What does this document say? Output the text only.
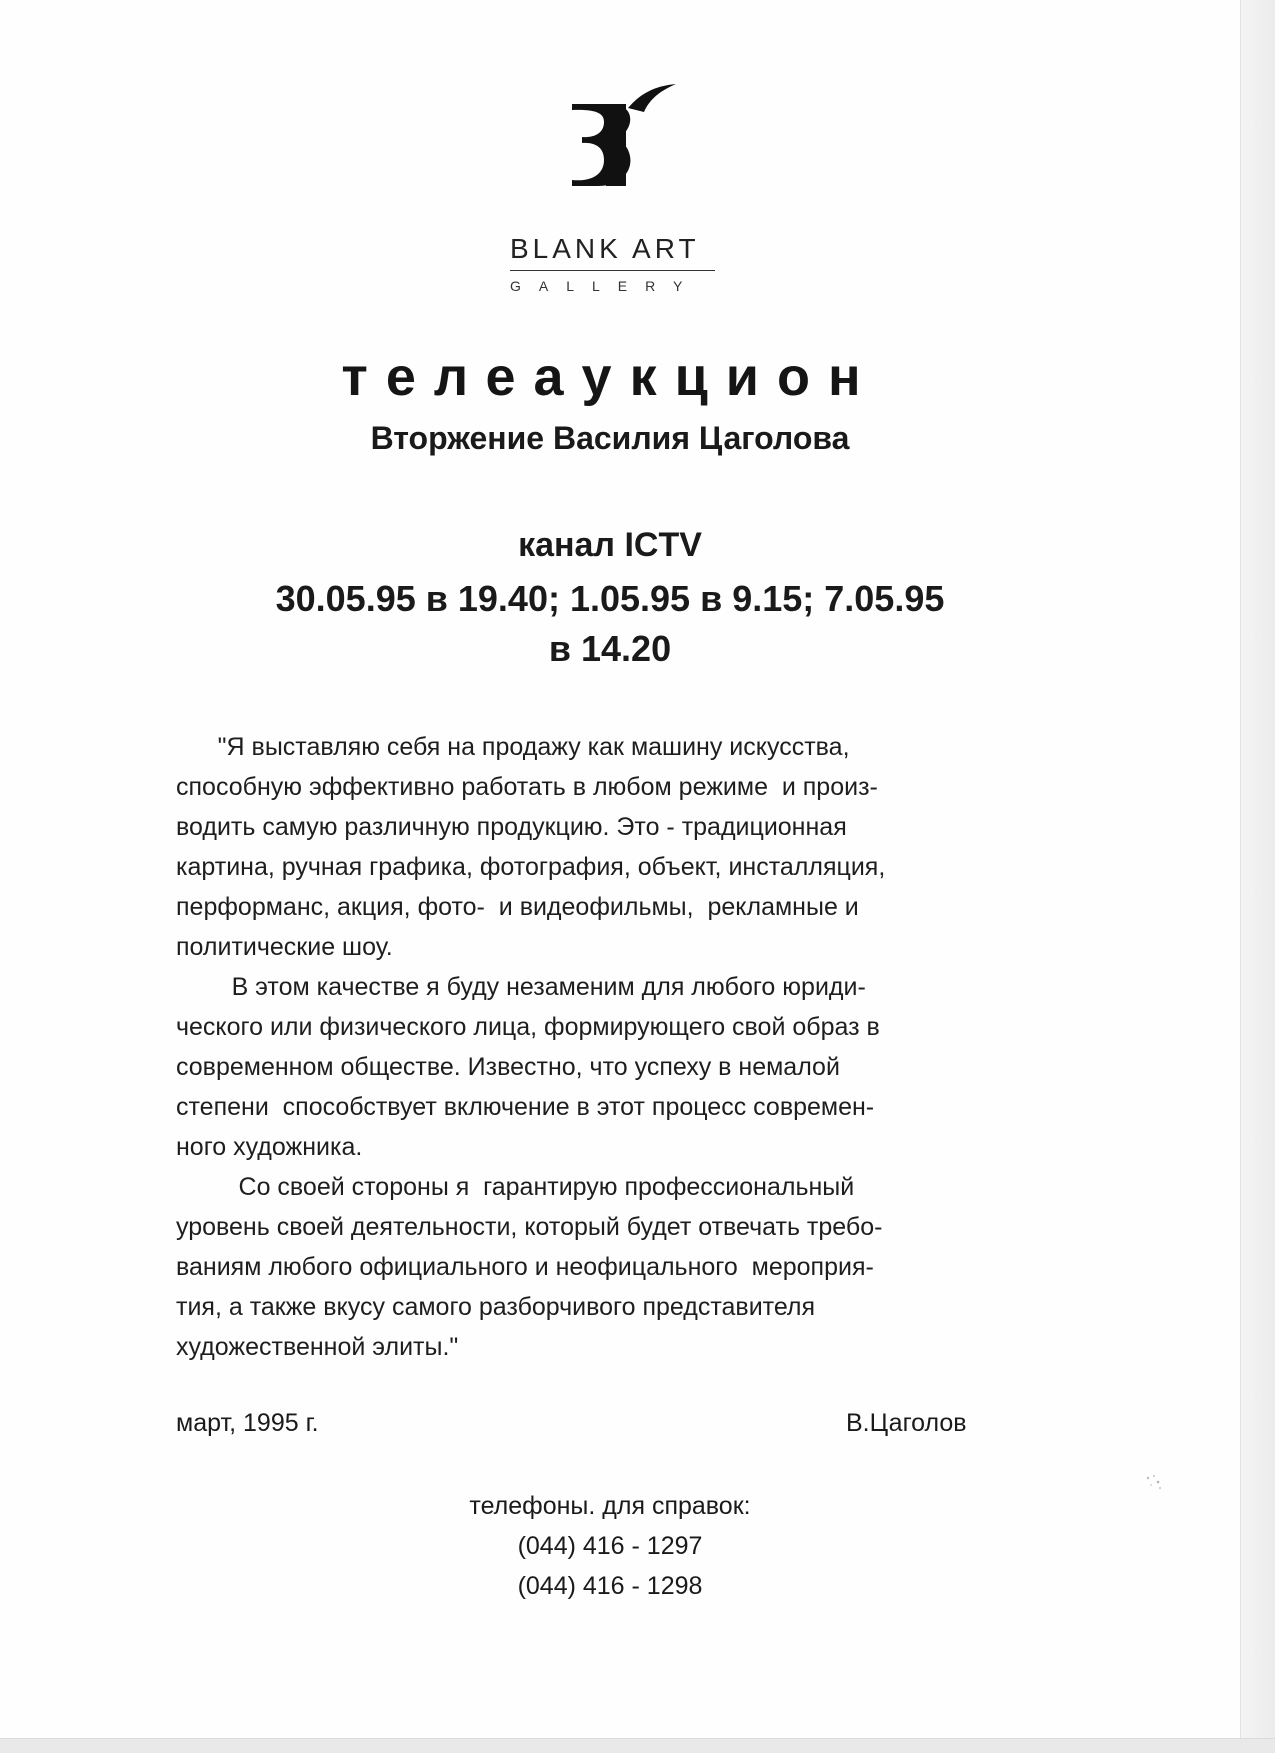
BLANK ART
GALLERY
телеаукцион
Вторжение Василия Цаголова
канал ICTV
30.05.95 в 19.40; 1.05.95 в 9.15; 7.05.95
в 14.20
"Я выставляю себя на продажу как машину искусства,
способную эффективно работать в любом режиме  и произ-
водить самую различную продукцию. Это - традиционная
картина, ручная графика, фотография, объект, инсталляция,
перформанс, акция, фото-  и видеофильмы,  рекламные и
политические шоу.
В этом качестве я буду незаменим для любого юриди-
ческого или физического лица, формирующего свой образ в
современном обществе. Известно, что успеху в немалой
степени  способствует включение в этот процесс современ-
ного художника.
Со своей стороны я  гарантирую профессиональный
уровень своей деятельности, который будет отвечать требо-
ваниям любого официального и неофицального  мероприя-
тия, а также вкусу самого разборчивого представителя
художественной элиты."
март, 1995 г.	В.Цаголов
телефоны. для справок:
(044) 416 - 1297
(044) 416 - 1298
